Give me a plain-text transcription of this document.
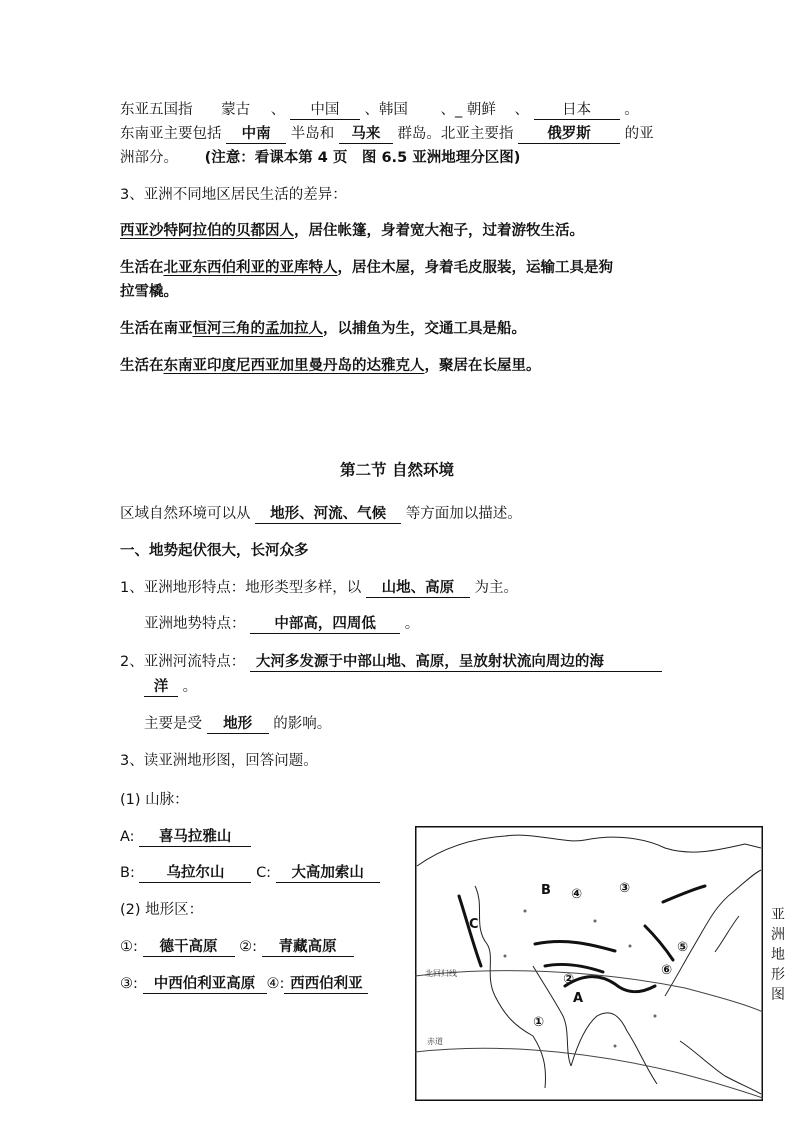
东亚五国指 蒙古 、 中国 、韩国 、_ 朝鲜 、 日本 。
东南亚主要包括 中南 半岛和 马来 群岛。北亚主要指 俄罗斯 的亚
洲部分。 (注意：看课本第 4 页　图 6.5 亚洲地理分区图)
3、亚洲不同地区居民生活的差异：
西亚沙特阿拉伯的贝都因人，居住帐篷，身着宽大袍子，过着游牧生活。
生活在北亚东西伯利亚的亚库特人，居住木屋，身着毛皮服装，运输工具是狗
拉雪橇。
生活在南亚恒河三角的孟加拉人，以捕鱼为生，交通工具是船。
生活在东南亚印度尼西亚加里曼丹岛的达雅克人，聚居在长屋里。
第二节 自然环境
区域自然环境可以从 地形、河流、气候 等方面加以描述。
一、地势起伏很大，长河众多
1、亚洲地形特点：地形类型多样，以 山地、高原 为主。
亚洲地势特点： 中部高，四周低 。
2、亚洲河流特点： 大河多发源于中部山地、高原，呈放射状流向周边的海
洋 。
主要是受 地形 的影响。
3、读亚洲地形图，回答问题。
(1) 山脉：
A: 喜马拉雅山
B: 乌拉尔山 C: 大高加索山
(2) 地形区：
①: 德干高原 ②: 青藏高原
③: 中西伯利亚高原 ④: 西西伯利亚
北回归线
赤道
A
B
C
①
②
③
④
⑤
⑥
亚洲地形图
